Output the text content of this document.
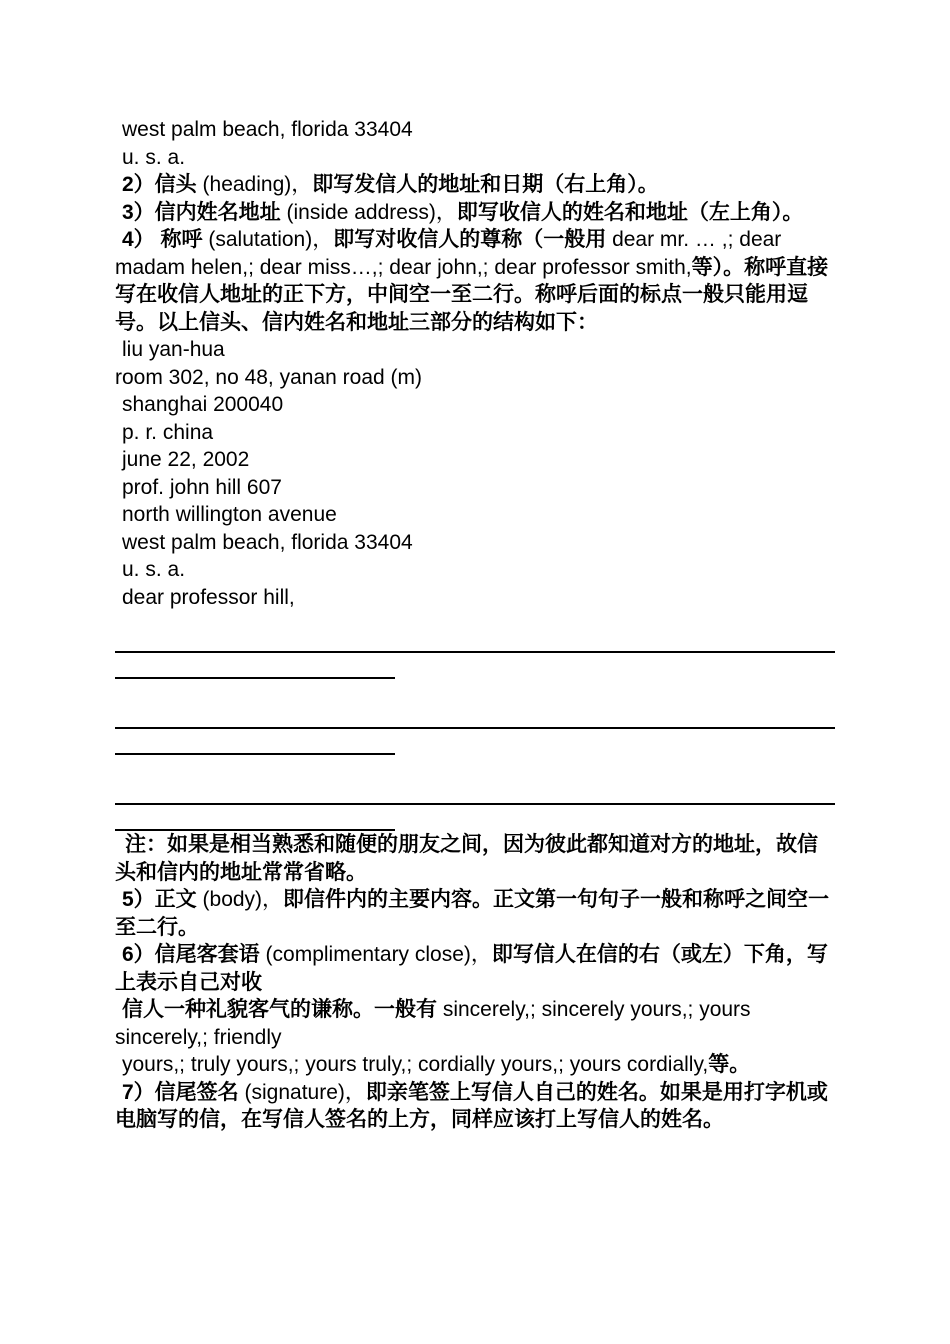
west palm beach, florida 33404
u. s. a.
2）信头 (heading)，即写发信人的地址和日期（右上角）。
3）信内姓名地址 (inside address)，即写收信人的姓名和地址（左上角）。
4） 称呼 (salutation)，即写对收信人的尊称（一般用 dear mr. … ,; dear madam helen,; dear miss…,; dear john,; dear professor smith,等）。称呼直接写在收信人地址的正下方，中间空一至二行。称呼后面的标点一般只能用逗号。以上信头、信内姓名和地址三部分的结构如下：
liu yan-hua
room 302, no 48, yanan road (m)
shanghai 200040
p. r. china
june 22, 2002
prof. john hill 607
north willington avenue
west palm beach, florida 33404
u. s. a.
dear professor hill,
注：如果是相当熟悉和随便的朋友之间，因为彼此都知道对方的地址，故信头和信内的地址常常省略。
5）正文 (body)，即信件内的主要内容。正文第一句句子一般和称呼之间空一至二行。
6）信尾客套语 (complimentary close)，即写信人在信的右（或左）下角，写上表示自己对收
信人一种礼貌客气的谦称。一般有 sincerely,; sincerely yours,; yours sincerely,; friendly
yours,; truly yours,; yours truly,; cordially yours,; yours cordially,等。
7）信尾签名 (signature)，即亲笔签上写信人自己的姓名。如果是用打字机或电脑写的信，在写信人签名的上方，同样应该打上写信人的姓名。
